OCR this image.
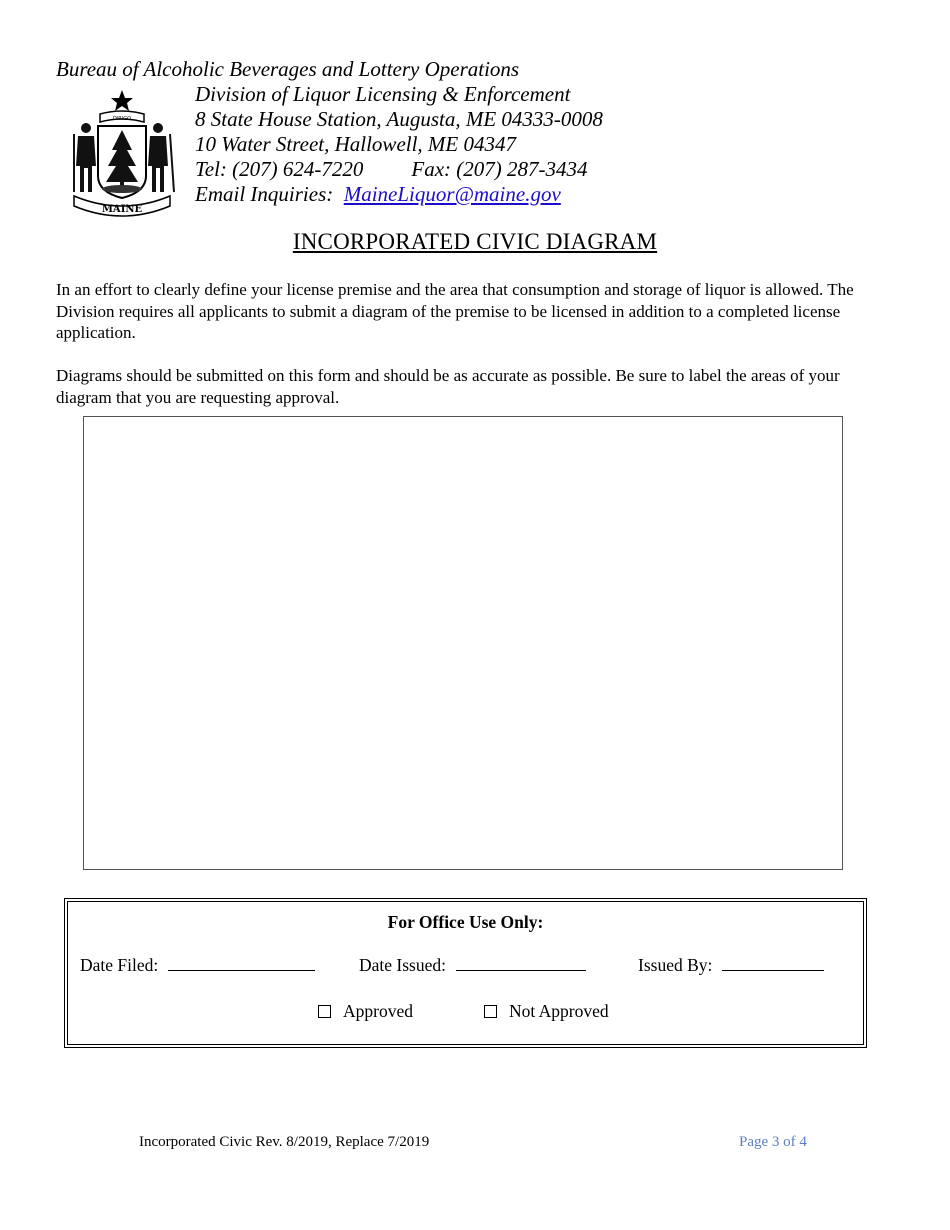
Bureau of Alcoholic Beverages and Lottery Operations
DIRIGO
MAINE
Division of Liquor Licensing & Enforcement
8 State House Station, Augusta, ME 04333-0008
10 Water Street, Hallowell, ME 04347
Tel: (207) 624-7220 Fax: (207) 287-3434
Email Inquiries: MaineLiquor@maine.gov
INCORPORATED CIVIC DIAGRAM
In an effort to clearly define your license premise and the area that consumption and storage of liquor is allowed. The Division requires all applicants to submit a diagram of the premise to be licensed in addition to a completed license application.
Diagrams should be submitted on this form and should be as accurate as possible. Be sure to label the areas of your diagram that you are requesting approval.
For Office Use Only:
Date Filed:	Date Issued:	Issued By:
Approved	Not Approved
Incorporated Civic Rev. 8/2019, Replace 7/2019	Page 3 of 4
